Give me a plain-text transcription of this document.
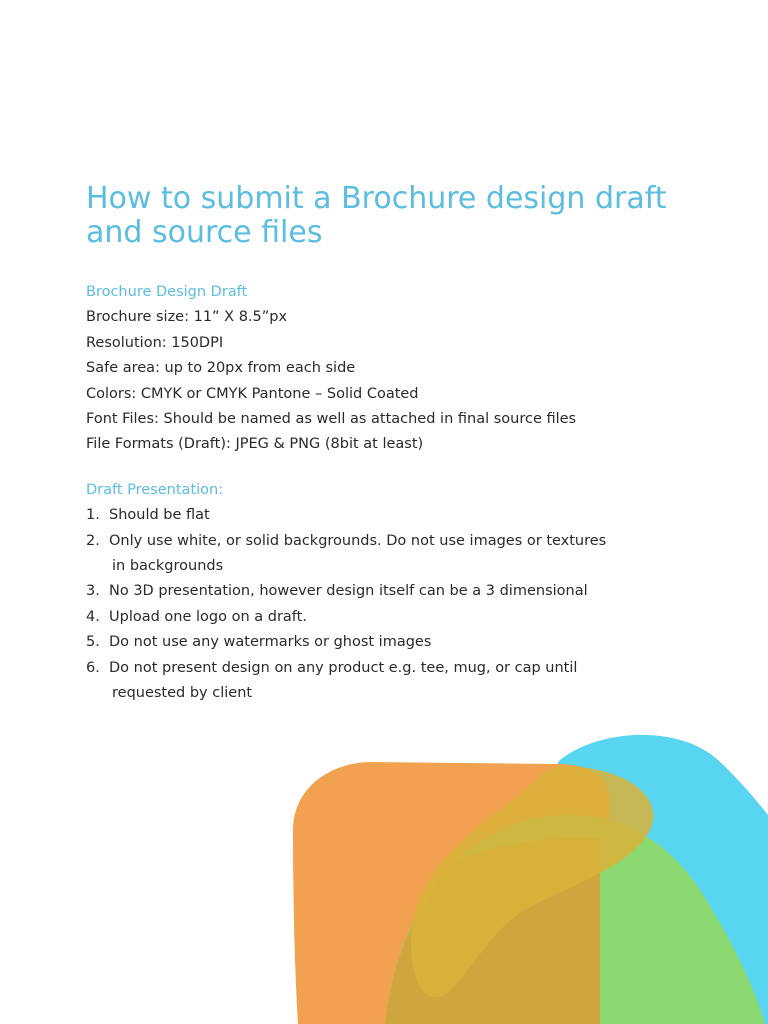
How to submit a Brochure design draft and source files
Brochure Design Draft
Brochure size: 11” X 8.5”px
Resolution: 150DPI
Safe area: up to 20px from each side
Colors: CMYK or CMYK Pantone – Solid Coated
Font Files: Should be named as well as attached in final source files
File Formats (Draft): JPEG & PNG (8bit at least)
Draft Presentation:
1. Should be flat
2. Only use white, or solid backgrounds. Do not use images or textures
in backgrounds
3. No 3D presentation, however design itself can be a 3 dimensional
4. Upload one logo on a draft.
5. Do not use any watermarks or ghost images
6. Do not present design on any product e.g. tee, mug, or cap until
requested by client
